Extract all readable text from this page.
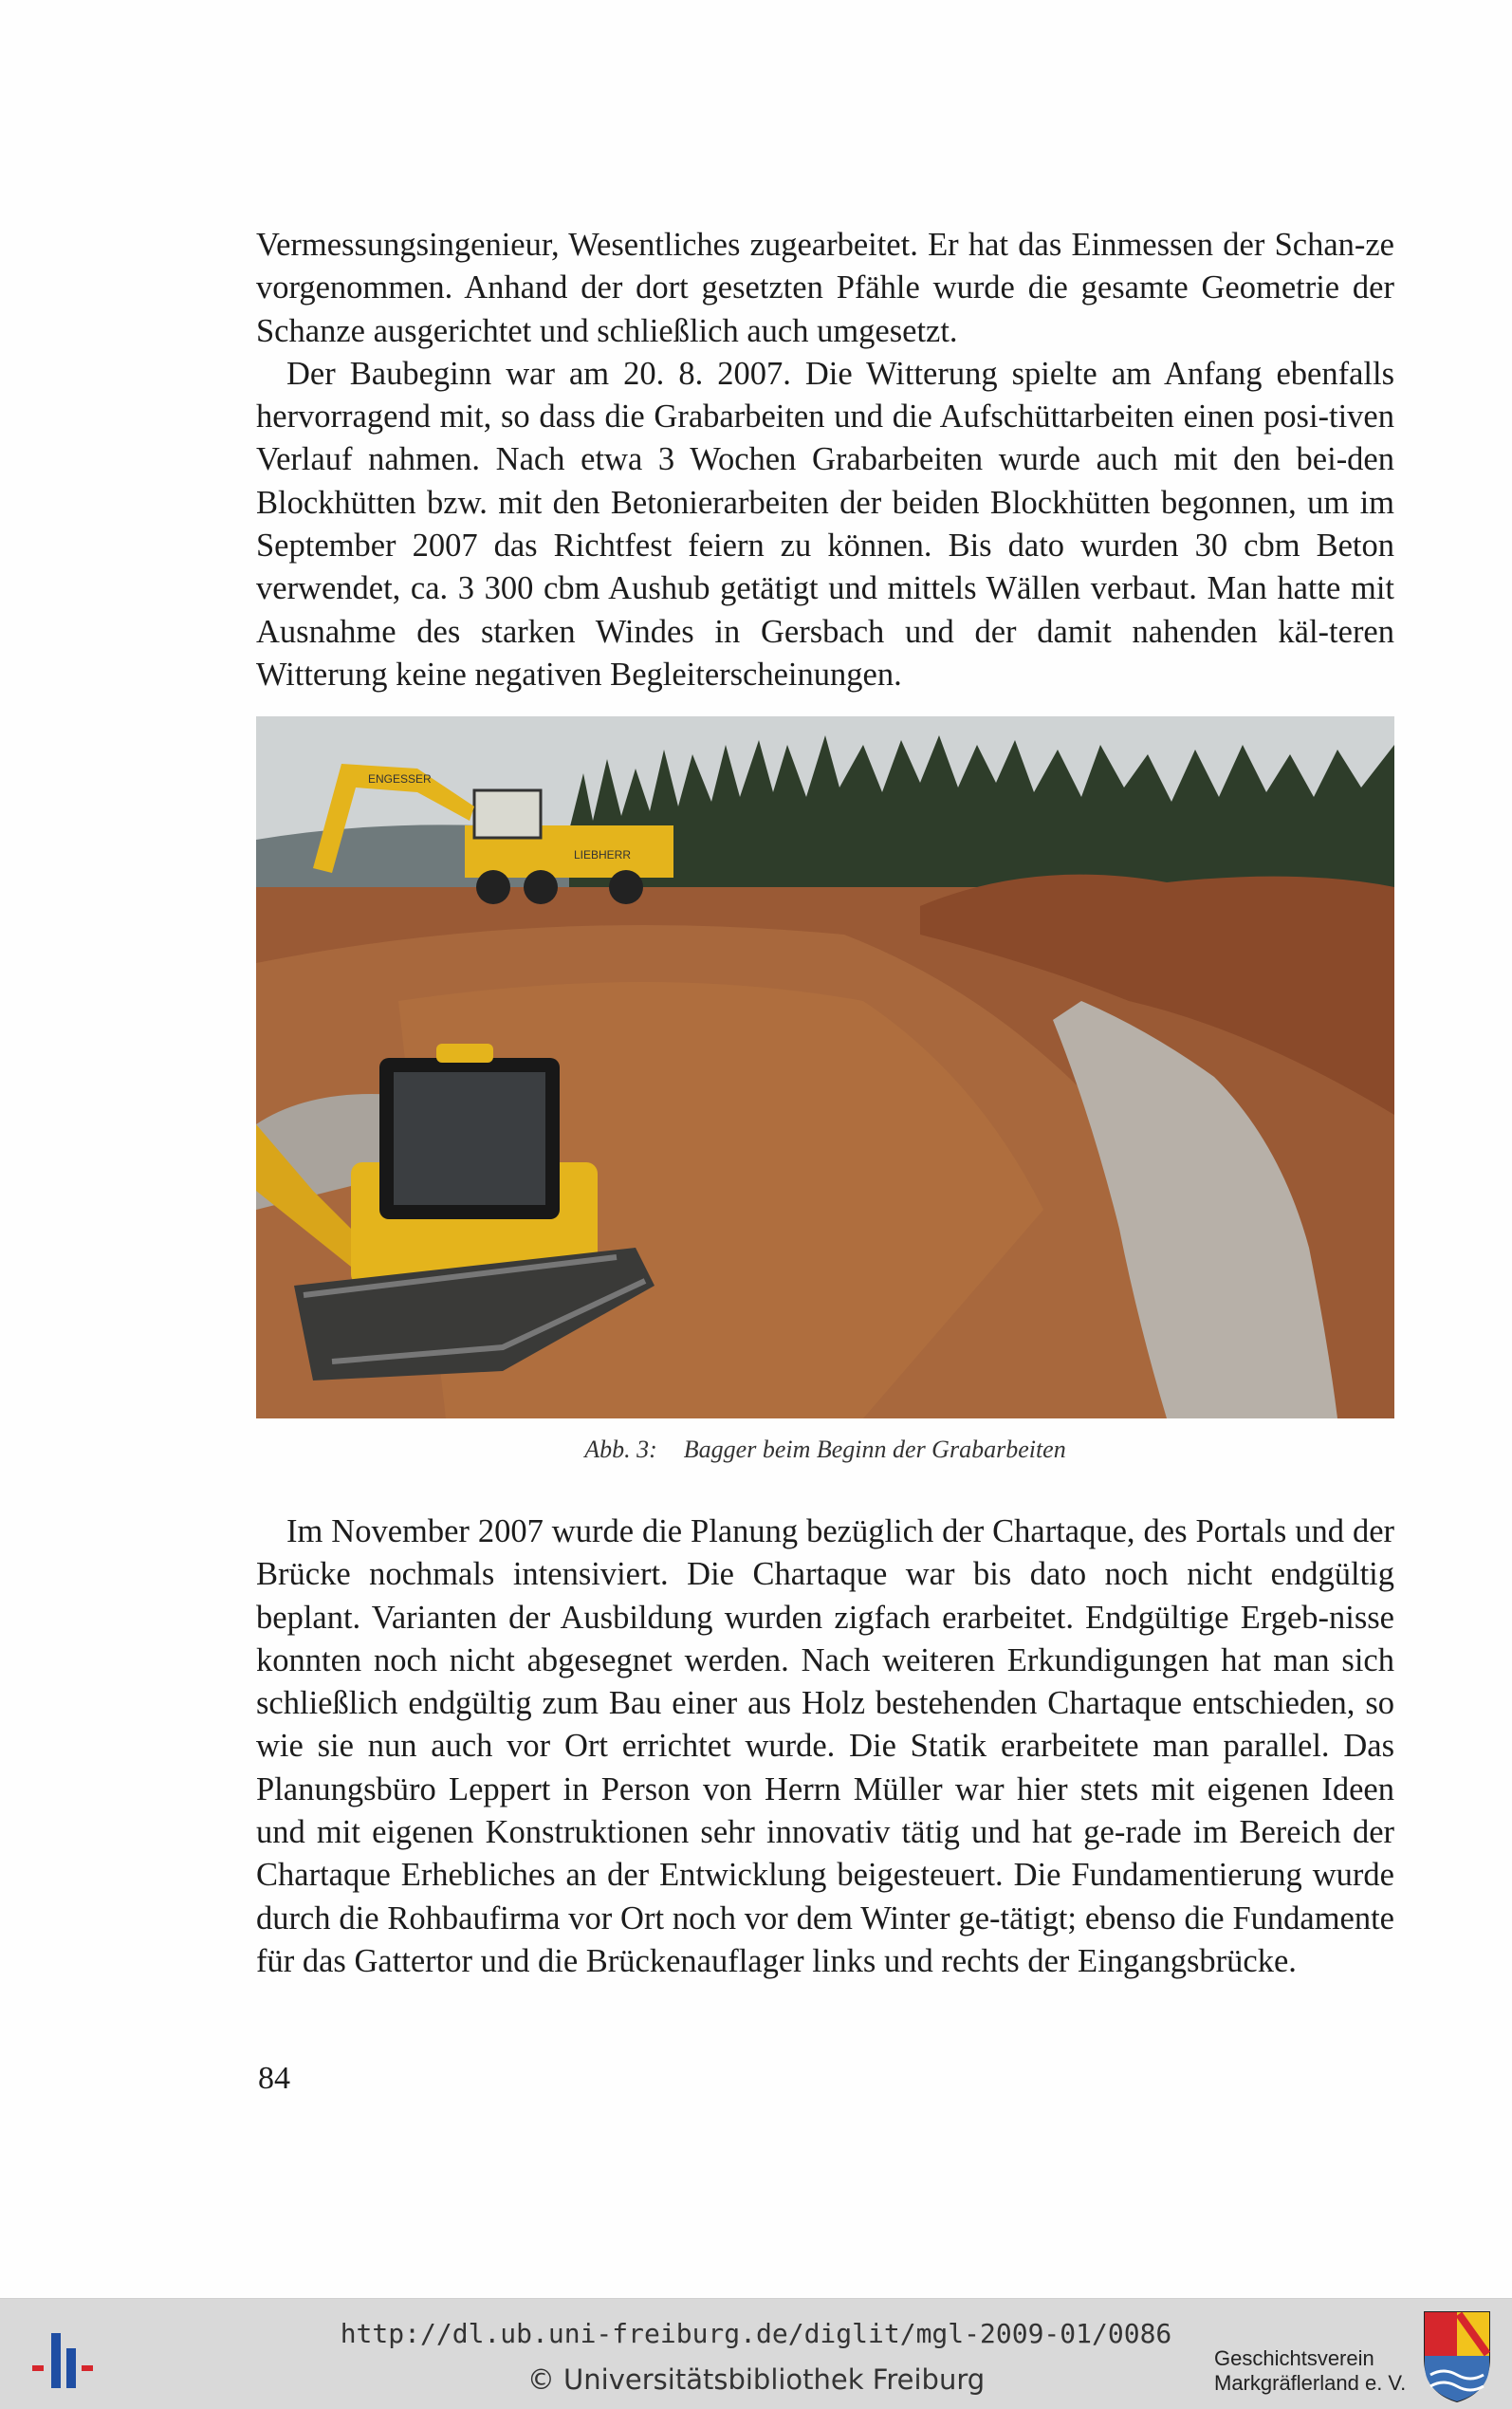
Vermessungsingenieur, Wesentliches zugearbeitet. Er hat das Einmessen der Schan-ze vorgenommen. Anhand der dort gesetzten Pfähle wurde die gesamte Geometrie der Schanze ausgerichtet und schließlich auch umgesetzt.

Der Baubeginn war am 20. 8. 2007. Die Witterung spielte am Anfang ebenfalls hervorragend mit, so dass die Grabarbeiten und die Aufschüttarbeiten einen posi-tiven Verlauf nahmen. Nach etwa 3 Wochen Grabarbeiten wurde auch mit den bei-den Blockhütten bzw. mit den Betonierarbeiten der beiden Blockhütten begonnen, um im September 2007 das Richtfest feiern zu können. Bis dato wurden 30 cbm Beton verwendet, ca. 3 300 cbm Aushub getätigt und mittels Wällen verbaut. Man hatte mit Ausnahme des starken Windes in Gersbach und der damit nahenden käl-teren Witterung keine negativen Begleiterscheinungen.

ENGESSER
LIEBHERR
Abb. 3: Bagger beim Beginn der Grabarbeiten

Im November 2007 wurde die Planung bezüglich der Chartaque, des Portals und der Brücke nochmals intensiviert. Die Chartaque war bis dato noch nicht endgültig beplant. Varianten der Ausbildung wurden zigfach erarbeitet. Endgültige Ergeb-nisse konnten noch nicht abgesegnet werden. Nach weiteren Erkundigungen hat man sich schließlich endgültig zum Bau einer aus Holz bestehenden Chartaque entschieden, so wie sie nun auch vor Ort errichtet wurde. Die Statik erarbeitete man parallel. Das Planungsbüro Leppert in Person von Herrn Müller war hier stets mit eigenen Ideen und mit eigenen Konstruktionen sehr innovativ tätig und hat ge-rade im Bereich der Chartaque Erhebliches an der Entwicklung beigesteuert. Die Fundamentierung wurde durch die Rohbaufirma vor Ort noch vor dem Winter ge-tätigt; ebenso die Fundamente für das Gattertor und die Brückenauflager links und rechts der Eingangsbrücke.

84
http://dl.ub.uni-freiburg.de/diglit/mgl-2009-01/0086
© Universitätsbibliothek Freiburg
Geschichtsverein
Markgräflerland e. V.
